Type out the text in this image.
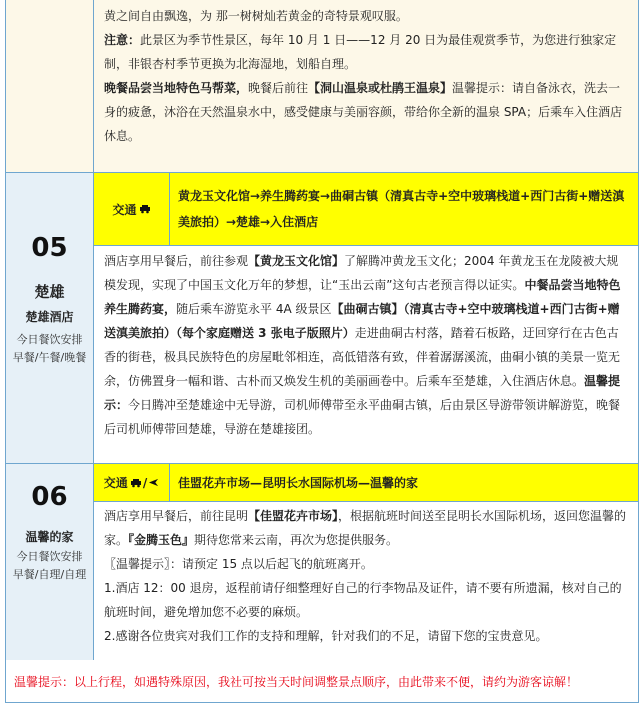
黄之间自由飘逸，为 那一树树灿若黄金的奇特景观叹服。
注意：此景区为季节性景区，每年 10 月 1 日——12 月 20 日为最佳观赏季节，为您进行独家定制，非银杏村季节更换为北海湿地，划船自理。
晚餐品尝当地特色马帮菜，晚餐后前往【洞山温泉或杜鹃王温泉】温馨提示：请自备泳衣，洗去一身的疲惫，沐浴在天然温泉水中，感受健康与美丽容颜，带给你全新的温泉 SPA；后乘车入住酒店休息。
05
楚雄
楚雄酒店
今日餐饮安排
早餐/午餐/晚餐
交通
黄龙玉文化馆→养生腾药宴→曲硐古镇（清真古寺+空中玻璃栈道+西门古街+赠送滇美旅拍）→楚雄→入住酒店
酒店享用早餐后，前往参观【黄龙玉文化馆】了解腾冲黄龙玉文化；2004 年黄龙玉在龙陵被大规模发现，实现了中国玉文化万年的梦想，让“玉出云南”这句古老预言得以证实。中餐品尝当地特色养生腾药宴，随后乘车游览永平 4A 级景区【曲硐古镇】（清真古寺+空中玻璃栈道+西门古街+赠送滇美旅拍）（每个家庭赠送 3 张电子版照片）走进曲硐古村落，踏着石板路，迂回穿行在古色古香的街巷，极具民族特色的房屋毗邻相连，高低错落有致，伴着潺潺溪流，曲硐小镇的美景一览无余，仿佛置身一幅和谐、古朴而又焕发生机的美丽画卷中。后乘车至楚雄，入住酒店休息。温馨提示：今日腾冲至楚雄途中无导游，司机师傅带至永平曲硐古镇，后由景区导游带领讲解游览，晚餐后司机师傅带回楚雄，导游在楚雄接团。
06
温馨的家
今日餐饮安排
早餐/自理/自理
交通 /	佳盟花卉市场—昆明长水国际机场—温馨的家
酒店享用早餐后，前往昆明【佳盟花卉市场】，根据航班时间送至昆明长水国际机场，返回您温馨的家。『金腾玉色』期待您常来云南，再次为您提供服务。
〖温馨提示〗：请预定 15 点以后起飞的航班离开。
1.酒店 12：00 退房，返程前请仔细整理好自己的行李物品及证件，请不要有所遗漏，核对自己的航班时间，避免增加您不必要的麻烦。
2.感谢各位贵宾对我们工作的支持和理解，针对我们的不足，请留下您的宝贵意见。
温馨提示：以上行程，如遇特殊原因，我社可按当天时间调整景点顺序，由此带来不便，请约为游客谅解！
